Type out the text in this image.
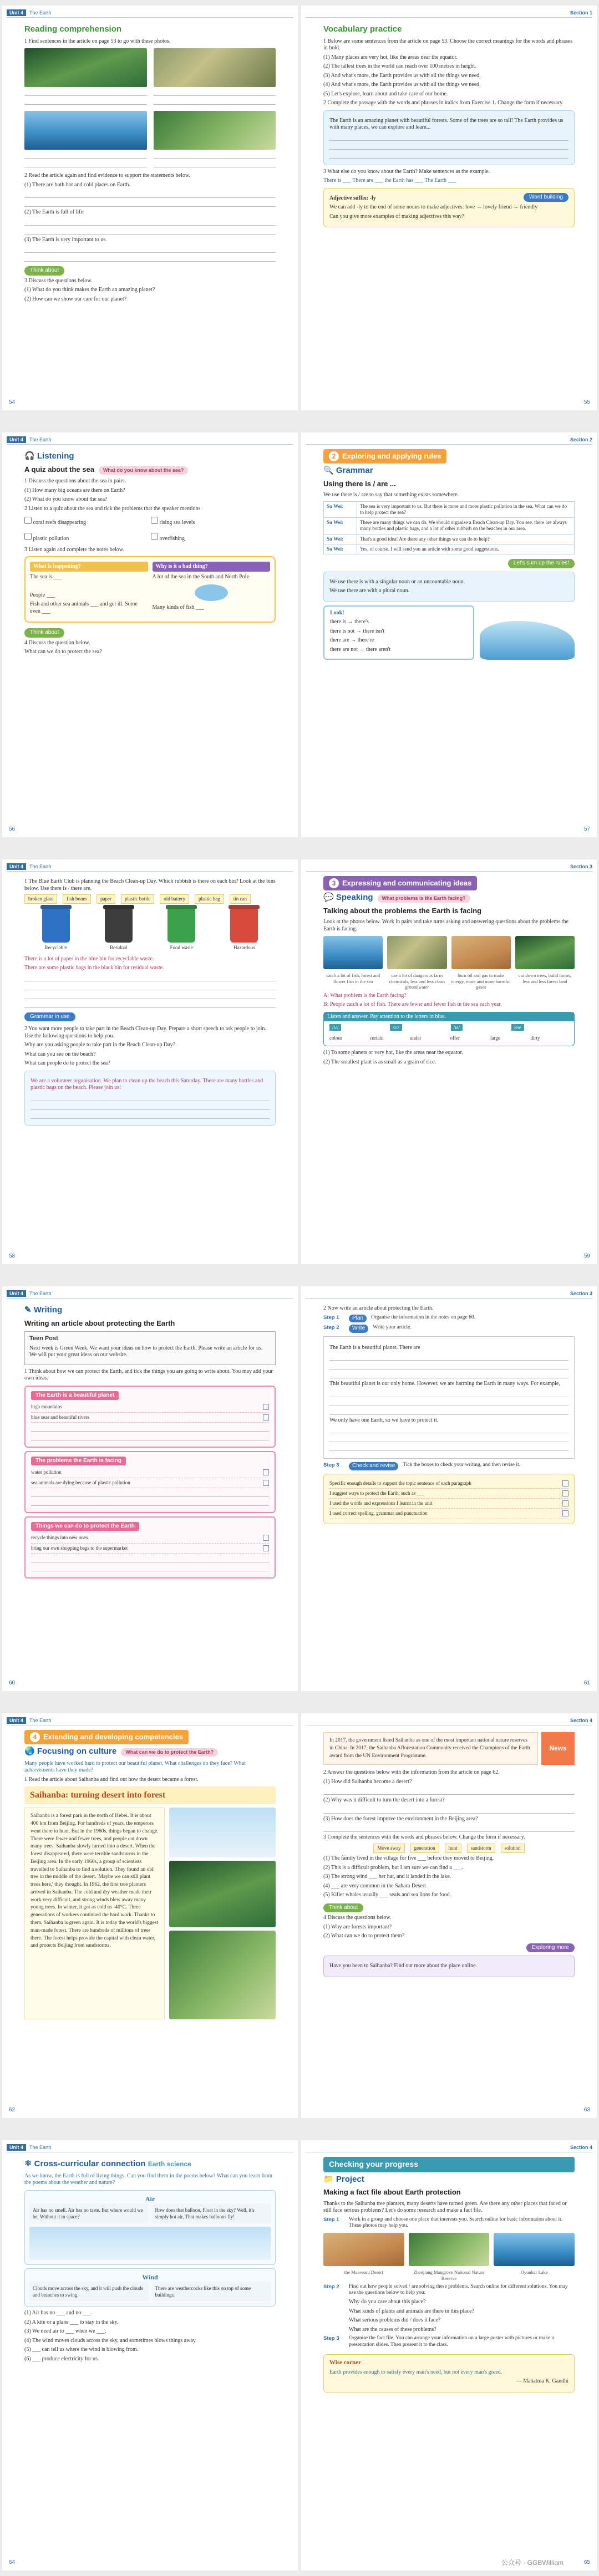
Unit 4 The Earth
Reading comprehension

1 Find sentences in the article on page 53 to go with these photos.

2 Read the article again and find evidence to support the statements below.

(1) There are both hot and cold places on Earth.

(2) The Earth is full of life.

(3) The Earth is very important to us.

Think about

3 Discuss the questions below.

(1) What do you think makes the Earth an amazing planet?

(2) How can we show our care for our planet?

54
Section 1
Vocabulary practice

1 Below are some sentences from the article on page 53. Choose the correct meanings for the words and phrases in bold.

(1) Many places are very hot, like the areas near the equator.

(2) The tallest trees in the world can reach over 100 metres in height.

(3) And what's more, the Earth provides us with all the things we need.

(4) And what's more, the Earth provides us with all the things we need.

(5) Let's explore, learn about and take care of our home.

2 Complete the passage with the words and phrases in italics from Exercise 1. Change the form if necessary.

The Earth is an amazing planet with beautiful forests. Some of the trees are so tall! The Earth provides us with many places, we can explore and learn...

3 What else do you know about the Earth? Make sentences as the example.

There is ___ There are ___ the Earth has ___ The Earth ___

Word building

Adjective suffix: -ly

We can add -ly to the end of some nouns to make adjectives: love → lovely friend → friendly

Can you give more examples of making adjectives this way?

55
Unit 4 The Earth
🎧 Listening
A quiz about the sea What do you know about the sea?

1 Discuss the questions about the sea in pairs.

(1) How many big oceans are there on Earth?

(2) What do you know about the sea?

2 Listen to a quiz about the sea and tick the problems that the speaker mentions.

coral reefs disappearing	rising sea levels
plastic pollution	overfishing

3 Listen again and complete the notes below.

What is happening?

The sea is ___

People ___

Fish and other sea animals ___ and get ill. Some even ___

Why is it a bad thing?

A lot of the sea in the South and North Pole

Many kinds of fish ___

Think about

4 Discuss the question below.

What can we do to protect the sea?

56
Section 2
2 Exploring and applying rules
🔍 Grammar
Using there is / are ...

We use there is / are to say that something exists somewhere.

Su Wei:	The sea is very important to us. But there is more and more plastic pollution in the sea. What can we do to help protect the sea?
Su Wei:	There are many things we can do. We should organise a Beach Clean-up Day. You see, there are always many bottles and plastic bags, and a lot of other rubbish on the beaches in our area.
Su Wei:	That's a good idea! Are there any other things we can do to help?
Su Wei:	Yes, of course. I will send you an article with some good suggestions.
Let's sum up the rules!

We use there is with a singular noun or an uncountable noun.

We use there are with a plural noun.

Look!

there is → there's

there is not → there isn't

there are → there're

there are not → there aren't

57
Unit 4 The Earth

1 The Blue Earth Club is planning the Beach Clean-up Day. Which rubbish is there on each bin? Look at the bins below. Use there is / there are.

broken glass	fish bones	paper	plastic bottle	old battery	plastic bag	tin can
Recyclable	Residual	Food waste	Hazardous

There is a lot of paper in the blue bin for recyclable waste.

There are some plastic bags in the black bin for residual waste.

Grammar in use

2 You want more people to take part in the Beach Clean-up Day. Prepare a short speech to ask people to join. Use the following questions to help you.

Why are you asking people to take part in the Beach Clean-up Day?

What can you see on the beach?

What can people do to protect the sea?

We are a volunteer organisation. We plan to clean up the beach this Saturday. There are many bottles and plastic bags on the beach. Please join us!

58
Section 3
3 Expressing and communicating ideas
💬 Speaking What problems is the Earth facing?
Talking about the problems the Earth is facing

Look at the photos below. Work in pairs and take turns asking and answering questions about the problems the Earth is facing.

catch a lot of fish, forest and flower fish in the sea
use a lot of dangerous farm chemicals, less and less clean groundwater
burn oil and gas to make energy, more and more harmful gases
cut down trees, build farms, less and less forest land

A: What problem is the Earth facing?

B: People catch a lot of fish. There are fewer and fewer fish in the sea each year.

Listen and answer. Pay attention to the letters in blue.
/ɜː/	/ɔː/	/ɪə/	/eə/
colour	curtain	under	offer	large	dirty

(1) To some planets or very hot, like the areas near the equator.

(2) The smallest plant is as small as a grain of rice.

59
Unit 4 The Earth
✎ Writing
Writing an article about protecting the Earth
Teen Post

Next week is Green Week. We want your ideas on how to protect the Earth. Please write an article for us. We will put your great ideas on our website.

1 Think about how we can protect the Earth, and tick the things you are going to write about. You may add your own ideas.

The Earth is a beautiful planet
high mountains
blue seas and beautiful rivers
The problems the Earth is facing
water pollution
sea animals are dying because of plastic pollution
Things we can do to protect the Earth
recycle things into new ones
bring our own shopping bags to the supermarket
60
Section 3

2 Now write an article about protecting the Earth.

Step 1	Plan	Organise the information in the notes on page 60.
Step 2	Write	Write your article.

The Earth is a beautiful planet. There are

This beautiful planet is our only home. However, we are harming the Earth in many ways. For example,

We only have one Earth, so we have to protect it.

Step 3	Check and revise	Tick the boxes to check your writing, and then revise it.
Specific enough details to support the topic sentence of each paragraph
I suggest ways to protect the Earth, such as ___
I used the words and expressions I learnt in the unit
I used correct spelling, grammar and punctuation
61
Unit 4 The Earth
4 Extending and developing competencies
🌏 Focusing on culture What can we do to protect the Earth?

Many people have worked hard to protect our beautiful planet. What challenges do they face? What achievements have they made?

1 Read the article about Saihanba and find out how the desert became a forest.

Saihanba: turning desert into forest
Saihanba is a forest park in the north of Hebei. It is about 400 km from Beijing. For hundreds of years, the emperors went there to hunt. But in the 1960s, things began to change. There were fewer and fewer trees, and people cut down many trees. Saihanba slowly turned into a desert. When the forest disappeared, there were terrible sandstorms in the Beijing area. In the early 1960s, a group of scientists travelled to Saihanba to find a solution. They found an old tree in the middle of the desert. 'Maybe we can still plant trees here,' they thought. In 1962, the first tree planters arrived in Saihanba. The cold and dry weather made their work very difficult, and strong winds blew away many young trees. In winter, it got as cold as -40°C. Three generations of workers continued the hard work. Thanks to them, Saihanba is green again. It is today the world's biggest man-made forest. There are hundreds of millions of trees there. The forest helps provide the capital with clean water, and protects Beijing from sandstorms.
62
Section 4
In 2017, the government listed Saihanba as one of the most important national nature reserves in China. In 2017, the Saihanba Afforestation Community received the Champions of the Earth award from the UN Environment Programme.
News

2 Answer the questions below with the information from the article on page 62.

(1) How did Saihanba become a desert?

(2) Why was it difficult to turn the desert into a forest?

(3) How does the forest improve the environment in the Beijing area?

3 Complete the sentences with the words and phrases below. Change the form if necessary.

Move away	generation	hunt	sandstorm	solution

(1) The family lived in the village for five ___ before they moved to Beijing.

(2) This is a difficult problem, but I am sure we can find a ___.

(3) The strong wind ___ her hat, and it landed in the lake.

(4) ___ are very common in the Sahara Desert.

(5) Killer whales usually ___ seals and sea lions for food.

Think about

4 Discuss the questions below.

(1) Why are forests important?

(2) What can we do to protect them?

Exploring more

Have you been to Saihanba? Find out more about the place online.

63
Unit 4 The Earth
⚛ Cross-curricular connection Earth science

As we know, the Earth is full of living things. Can you find them in the poems below? What can you learn from the poems about the weather and nature?

Air
Air has no smell. Air has no taste. But where would we be, Without it in space?
How does that balloon, Float in the sky? Well, it's simply hot air, That makes balloons fly!
Wind
Clouds move across the sky, and it will push the clouds and branches to swing.
There are weathercocks like this on top of some buildings.

(1) Air has no ___ and no ___.

(2) A kite or a plane ___ to stay in the sky.

(3) We need air to ___ when we ___.

(4) The wind moves clouds across the sky, and sometimes blows things away.

(5) ___ can tell us where the wind is blowing from.

(6) ___ produce electricity for us.

64
Section 4
Checking your progress
📁 Project
Making a fact file about Earth protection

Thanks to the Saihanba tree planters, many deserts have turned green. Are there any other places that faced or still face serious problems? Let's do some research and make a fact file.

Step 1	Work in a group and choose one place that interests you. Search online for basic information about it. These photos may help you.
the Maowusu Desert	Zhenjiang Mangrove National Nature Reserve
Oyunkar Lake
Step 2	Find out how people solved / are solving these problems. Search online for different solutions. You may use the questions below to help you:

Why do you care about this place?

What kinds of plants and animals are there in this place?

What serious problems did / does it face?

What are the causes of these problems?

Step 3	Organise the fact file. You can arrange your information on a large poster with pictures or make a presentation slides. Then present it to the class.
Wise corner

Earth provides enough to satisfy every man's need, but not every man's greed.

— Mahatma K. Gandhi

65
公众号 · GGBWilliam
